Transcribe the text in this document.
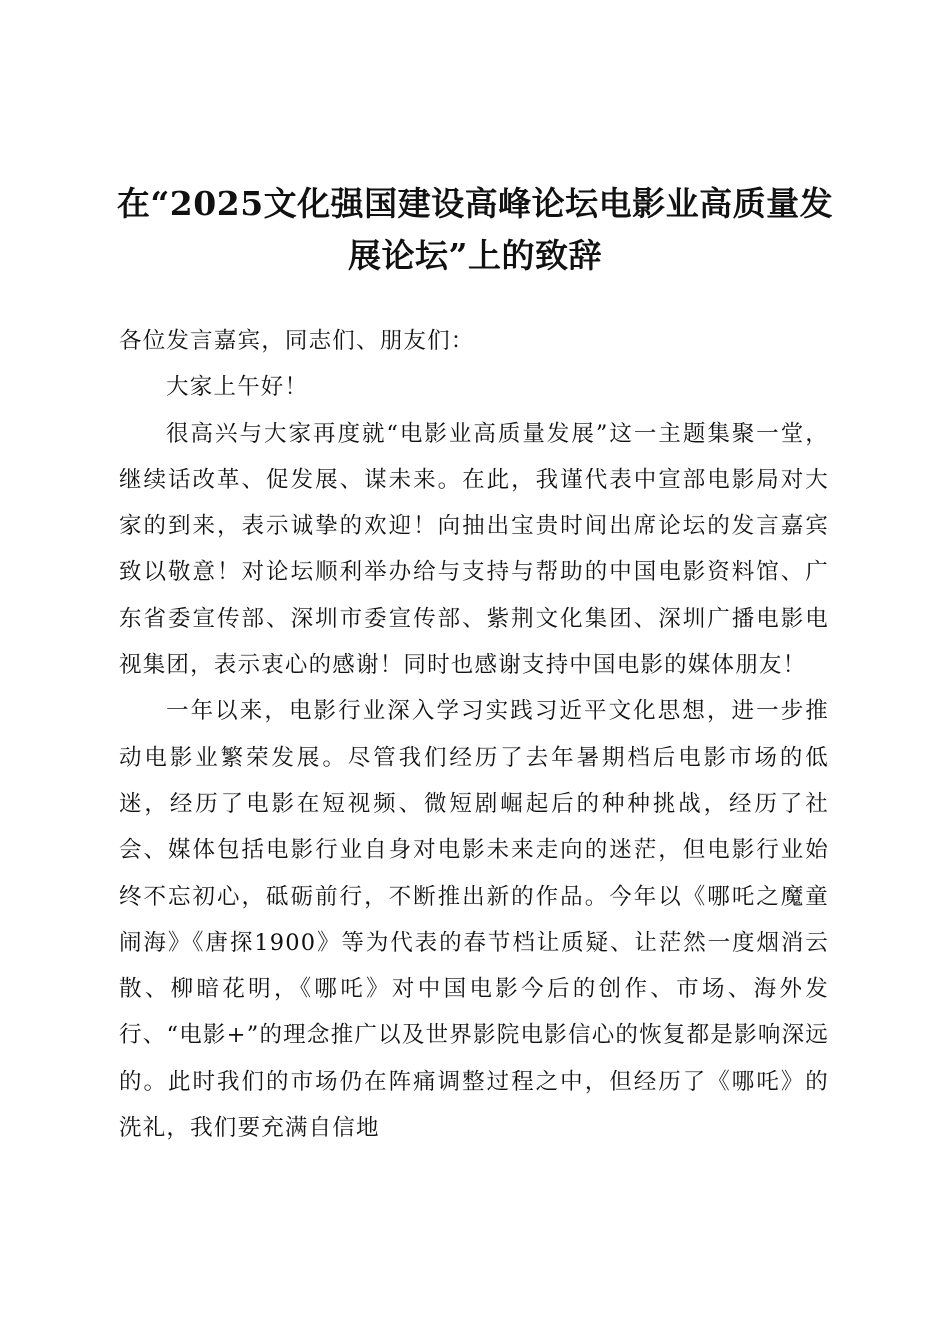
在“2025文化强国建设高峰论坛电影业高质量发展论坛”上的致辞

各位发言嘉宾，同志们、朋友们：

大家上午好！

很高兴与大家再度就“电影业高质量发展”这一主题集聚一堂，继续话改革、促发展、谋未来。在此，我谨代表中宣部电影局对大家的到来，表示诚挚的欢迎！向抽出宝贵时间出席论坛的发言嘉宾致以敬意！对论坛顺利举办给与支持与帮助的中国电影资料馆、广东省委宣传部、深圳市委宣传部、紫荆文化集团、深圳广播电影电视集团，表示衷心的感谢！同时也感谢支持中国电影的媒体朋友！

一年以来，电影行业深入学习实践习近平文化思想，进一步推动电影业繁荣发展。尽管我们经历了去年暑期档后电影市场的低迷，经历了电影在短视频、微短剧崛起后的种种挑战，经历了社会、媒体包括电影行业自身对电影未来走向的迷茫，但电影行业始终不忘初心，砥砺前行，不断推出新的作品。今年以《哪吒之魔童闹海》《唐探1900》等为代表的春节档让质疑、让茫然一度烟消云散、柳暗花明，《哪吒》对中国电影今后的创作、市场、海外发行、“电影+”的理念推广以及世界影院电影信心的恢复都是影响深远的。此时我们的市场仍在阵痛调整过程之中，但经历了《哪吒》的洗礼，我们要充满自信地
